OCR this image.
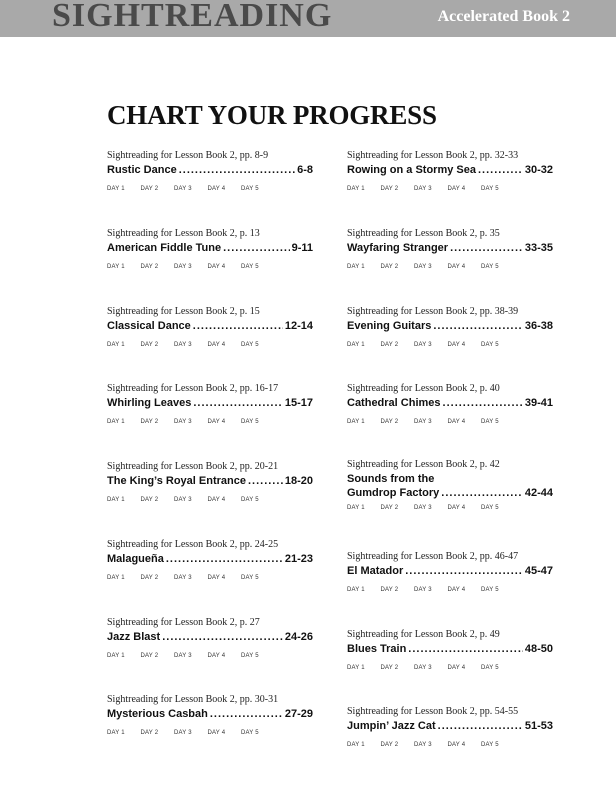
SIGHTREADING	Accelerated Book 2
CHART YOUR PROGRESS
Sightreading for Lesson Book 2, pp. 8-9
Rustic Dance .....	6-8
DAY 1	DAY 2	DAY 3	DAY 4	DAY 5
Sightreading for Lesson Book 2, p. 13
American Fiddle Tune .....	9-11
DAY 1	DAY 2	DAY 3	DAY 4	DAY 5
Sightreading for Lesson Book 2, p. 15
Classical Dance .....	12-14
DAY 1	DAY 2	DAY 3	DAY 4	DAY 5
Sightreading for Lesson Book 2, pp. 16-17
Whirling Leaves .....	15-17
DAY 1	DAY 2	DAY 3	DAY 4	DAY 5
Sightreading for Lesson Book 2, pp. 20-21
The King’s Royal Entrance .....	18-20
DAY 1	DAY 2	DAY 3	DAY 4	DAY 5
Sightreading for Lesson Book 2, pp. 24-25
Malagueña .....	21-23
DAY 1	DAY 2	DAY 3	DAY 4	DAY 5
Sightreading for Lesson Book 2, p. 27
Jazz Blast .....	24-26
DAY 1	DAY 2	DAY 3	DAY 4	DAY 5
Sightreading for Lesson Book 2, pp. 30-31
Mysterious Casbah .....	27-29
DAY 1	DAY 2	DAY 3	DAY 4	DAY 5
Sightreading for Lesson Book 2, pp. 32-33
Rowing on a Stormy Sea .....	30-32
DAY 1	DAY 2	DAY 3	DAY 4	DAY 5
Sightreading for Lesson Book 2, p. 35
Wayfaring Stranger .....	33-35
DAY 1	DAY 2	DAY 3	DAY 4	DAY 5
Sightreading for Lesson Book 2, pp. 38-39
Evening Guitars .....	36-38
DAY 1	DAY 2	DAY 3	DAY 4	DAY 5
Sightreading for Lesson Book 2, p. 40
Cathedral Chimes .....	39-41
DAY 1	DAY 2	DAY 3	DAY 4	DAY 5
Sightreading for Lesson Book 2, p. 42
Sounds from the
Gumdrop Factory .....	42-44
DAY 1	DAY 2	DAY 3	DAY 4	DAY 5
Sightreading for Lesson Book 2, pp. 46-47
El Matador .....	45-47
DAY 1	DAY 2	DAY 3	DAY 4	DAY 5
Sightreading for Lesson Book 2, p. 49
Blues Train .....	48-50
DAY 1	DAY 2	DAY 3	DAY 4	DAY 5
Sightreading for Lesson Book 2, pp. 54-55
Jumpin’ Jazz Cat .....	51-53
DAY 1	DAY 2	DAY 3	DAY 4	DAY 5
